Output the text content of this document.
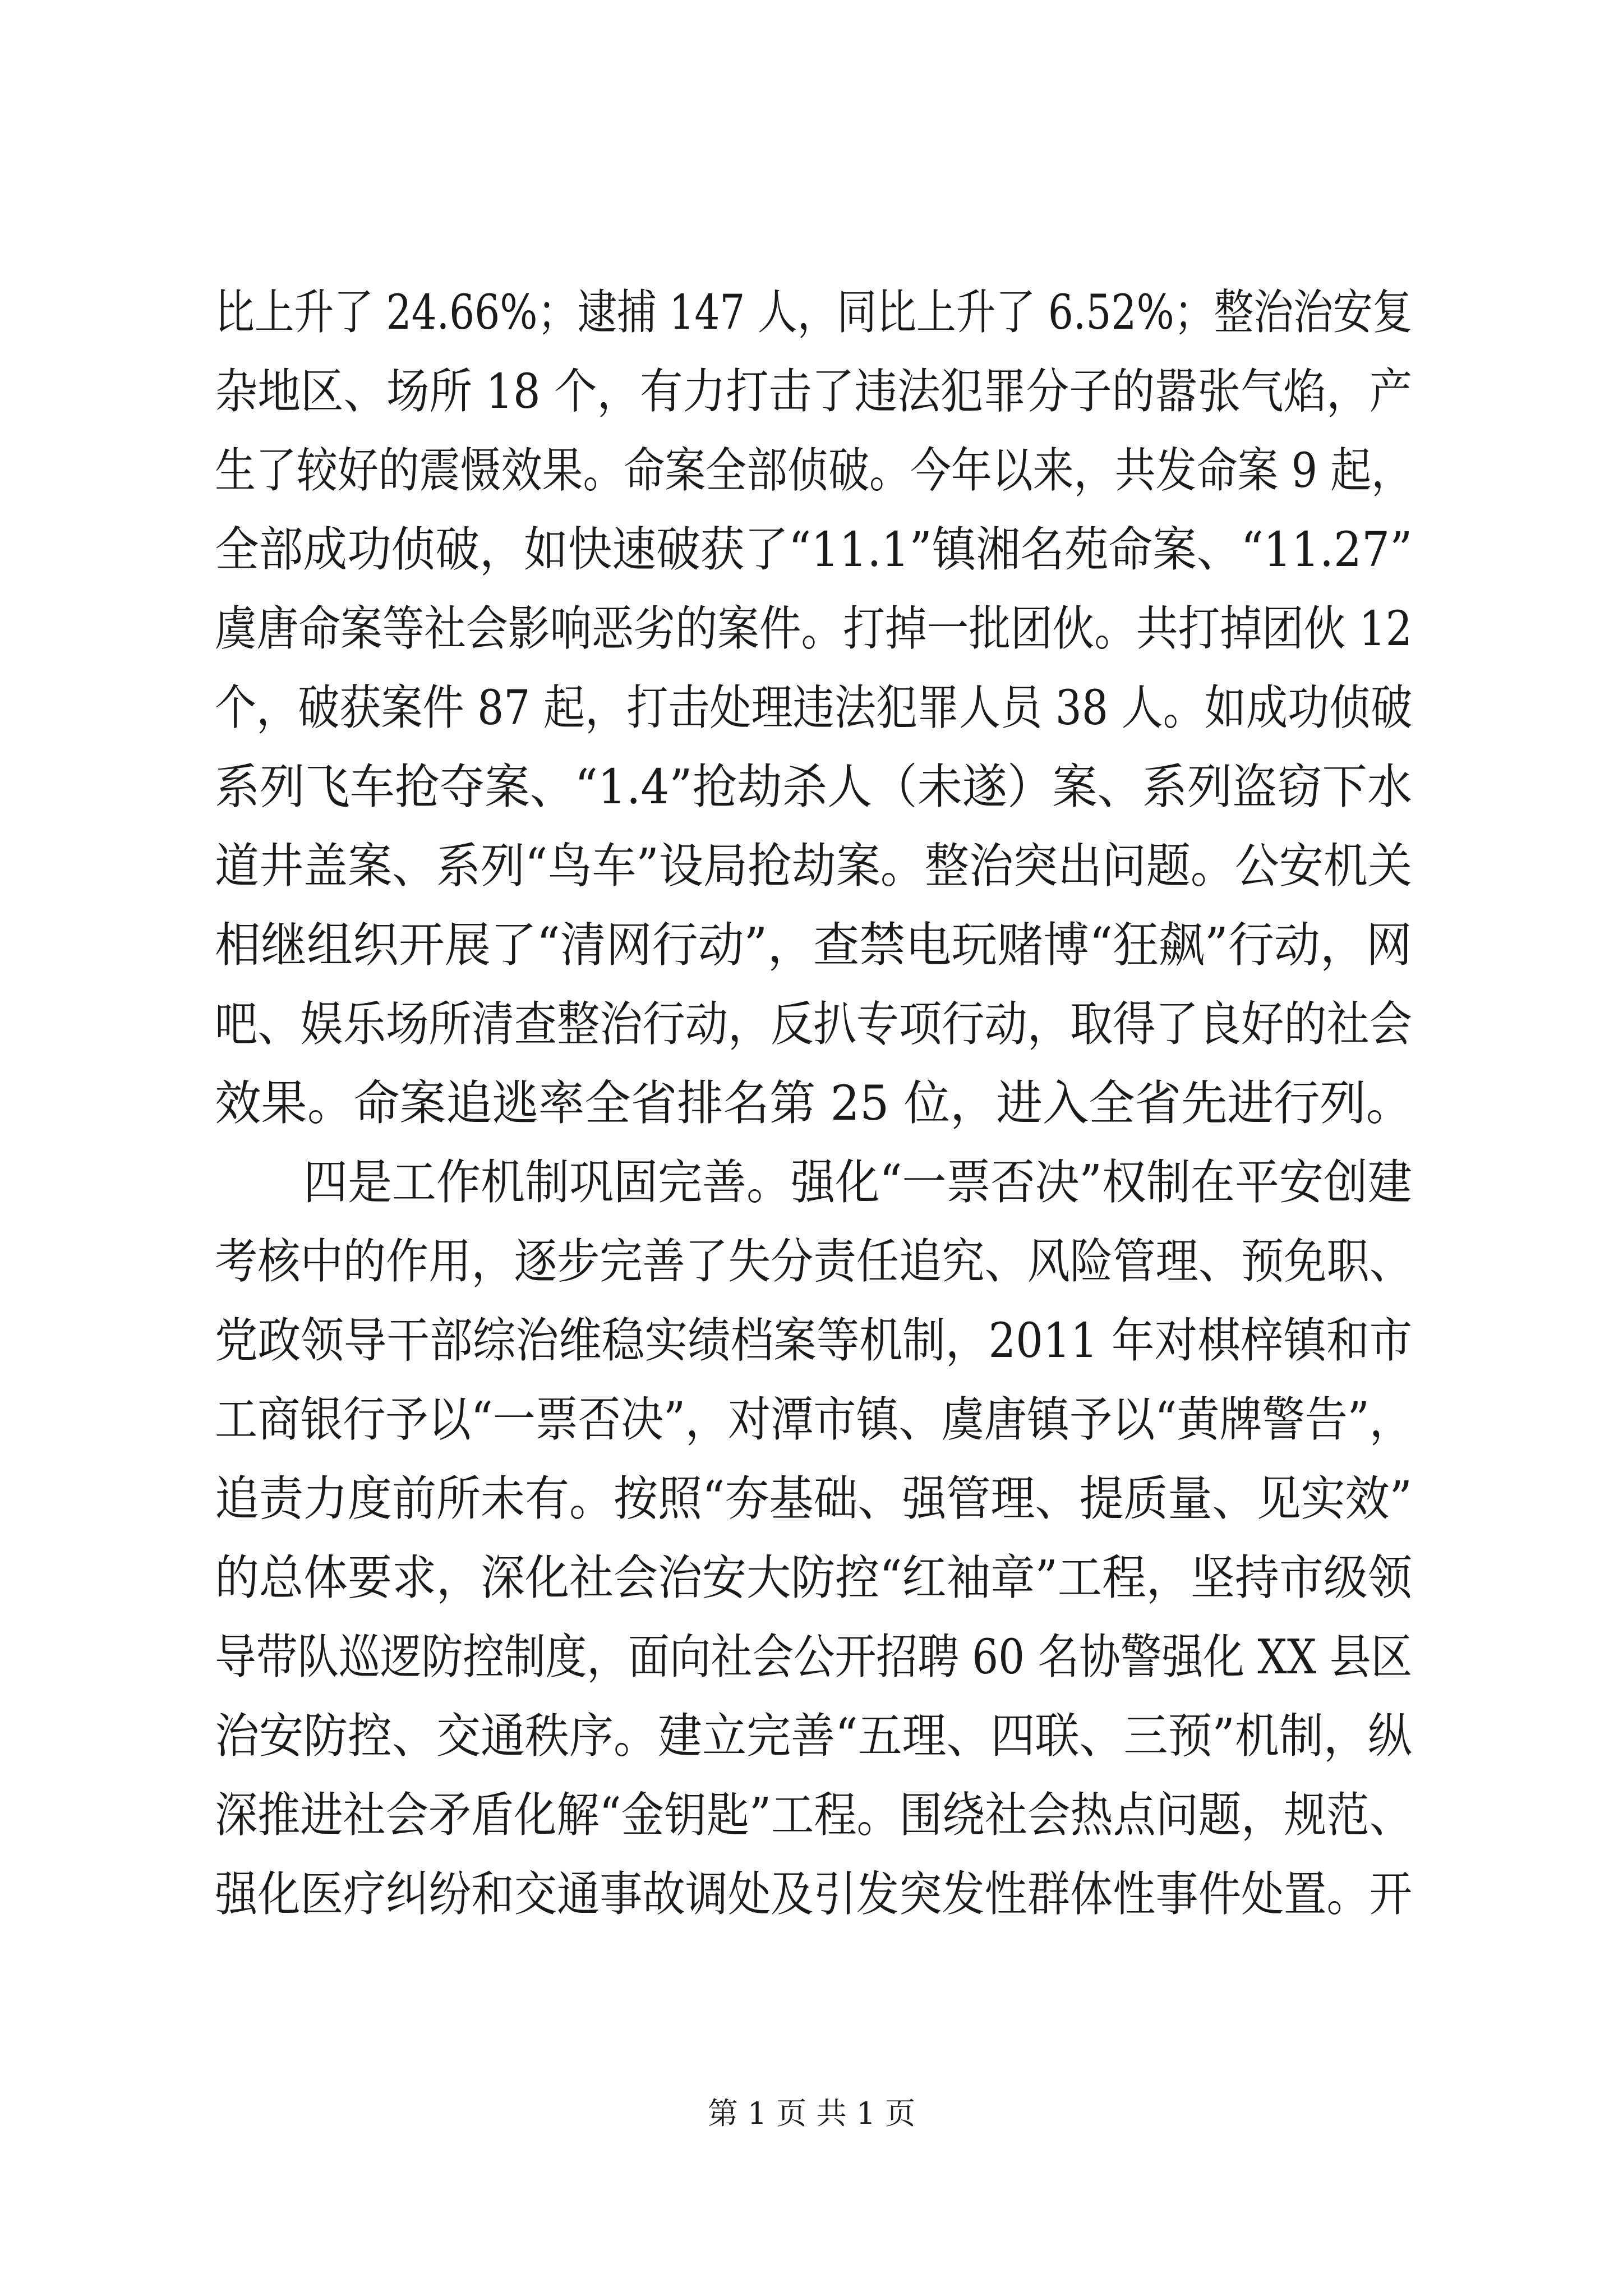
比上升了 24.66%；逮捕 147 人，同比上升了 6.52%；整治治安复
杂地区、场所 18 个，有力打击了违法犯罪分子的嚣张气焰，产
生了较好的震慑效果。命案全部侦破。今年以来，共发命案 9 起，
全部成功侦破，如快速破获了“11.1”镇湘名苑命案、“11.27”
虞唐命案等社会影响恶劣的案件。打掉一批团伙。共打掉团伙 12
个，破获案件 87 起，打击处理违法犯罪人员 38 人。如成功侦破
系列飞车抢夺案、“1.4”抢劫杀人（未遂）案、系列盗窃下水
道井盖案、系列“鸟车”设局抢劫案。整治突出问题。公安机关
相继组织开展了“清网行动”，查禁电玩赌博“狂飙”行动，网
吧、娱乐场所清查整治行动，反扒专项行动，取得了良好的社会
效果。命案追逃率全省排名第 25 位，进入全省先进行列。
　　四是工作机制巩固完善。强化“一票否决”权制在平安创建
考核中的作用，逐步完善了失分责任追究、风险管理、预免职、
党政领导干部综治维稳实绩档案等机制，2011 年对棋梓镇和市
工商银行予以“一票否决”，对潭市镇、虞唐镇予以“黄牌警告”，
追责力度前所未有。按照“夯基础、强管理、提质量、见实效”
的总体要求，深化社会治安大防控“红袖章”工程，坚持市级领
导带队巡逻防控制度，面向社会公开招聘 60 名协警强化 XX 县区
治安防控、交通秩序。建立完善“五理、四联、三预”机制，纵
深推进社会矛盾化解“金钥匙”工程。围绕社会热点问题，规范、
强化医疗纠纷和交通事故调处及引发突发性群体性事件处置。开
第 1 页 共 1 页
